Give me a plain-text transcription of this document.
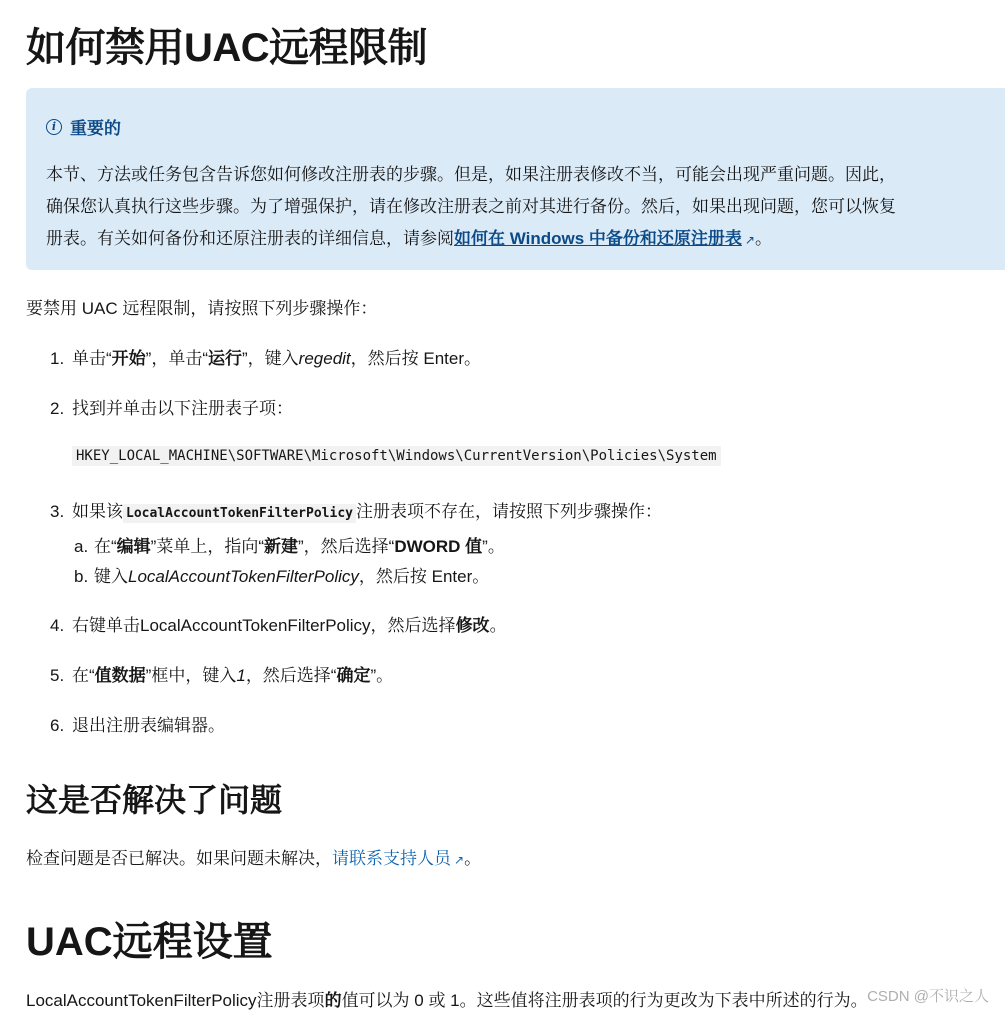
如何禁用UAC远程限制
i 重要的
本节、方法或任务包含告诉您如何修改注册表的步骤。但是，如果注册表修改不当，可能会出现严重问题。因此，
确保您认真执行这些步骤。为了增强保护，请在修改注册表之前对其进行备份。然后，如果出现问题，您可以恢复
册表。有关如何备份和还原注册表的详细信息，请参阅如何在 Windows 中备份和还原注册表 ↗。
要禁用 UAC 远程限制，请按照下列步骤操作：
1. 单击“开始”，单击“运行”，键入regedit，然后按 Enter。
2. 找到并单击以下注册表子项：
HKEY_LOCAL_MACHINE\SOFTWARE\Microsoft\Windows\CurrentVersion\Policies\System
3. 如果该 LocalAccountTokenFilterPolicy 注册表项不存在，请按照下列步骤操作：
a. 在“编辑”菜单上，指向“新建”，然后选择“DWORD 值”。
b. 键入LocalAccountTokenFilterPolicy，然后按 Enter。
4. 右键单击LocalAccountTokenFilterPolicy，然后选择修改。
5. 在“值数据”框中，键入1，然后选择“确定”。
6. 退出注册表编辑器。
这是否解决了问题
检查问题是否已解决。如果问题未解决，请联系支持人员 ↗。
UAC远程设置
LocalAccountTokenFilterPolicy注册表项的值可以为 0 或 1。这些值将注册表项的行为更改为下表中所述的行为。 CSDN @不识之人
